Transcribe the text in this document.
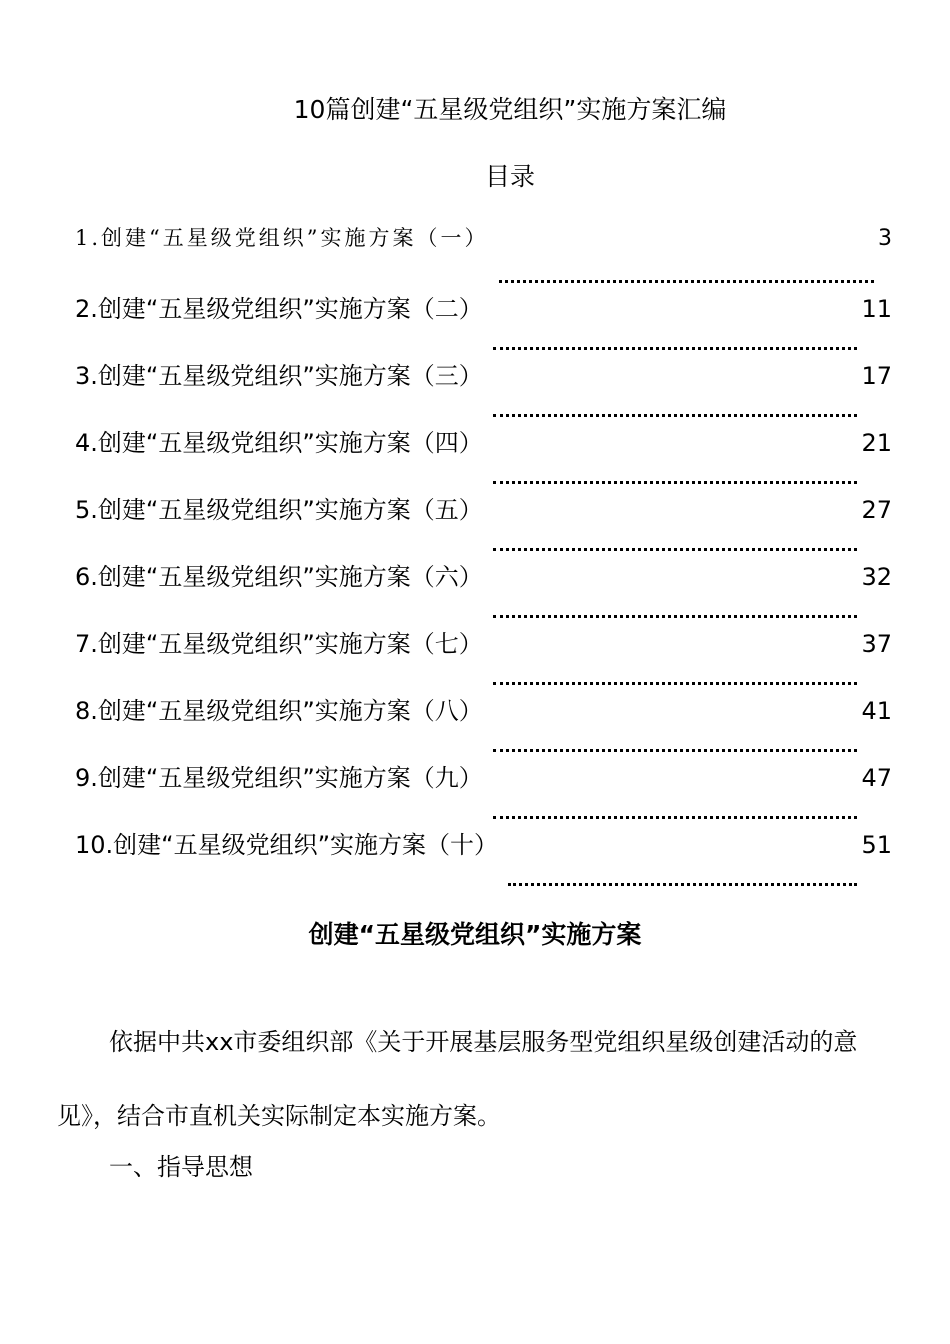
10篇创建“五星级党组织”实施方案汇编
目录
1.创建“五星级党组织”实施方案（一）	3
2.创建“五星级党组织”实施方案（二）	11
3.创建“五星级党组织”实施方案（三）	17
4.创建“五星级党组织”实施方案（四）	21
5.创建“五星级党组织”实施方案（五）	27
6.创建“五星级党组织”实施方案（六）	32
7.创建“五星级党组织”实施方案（七）	37
8.创建“五星级党组织”实施方案（八）	41
9.创建“五星级党组织”实施方案（九）	47
10.创建“五星级党组织”实施方案（十）	51
创建“五星级党组织”实施方案
依据中共xx市委组织部《关于开展基层服务型党组织星级创建活动的意见》，结合市直机关实际制定本实施方案。
一、指导思想
